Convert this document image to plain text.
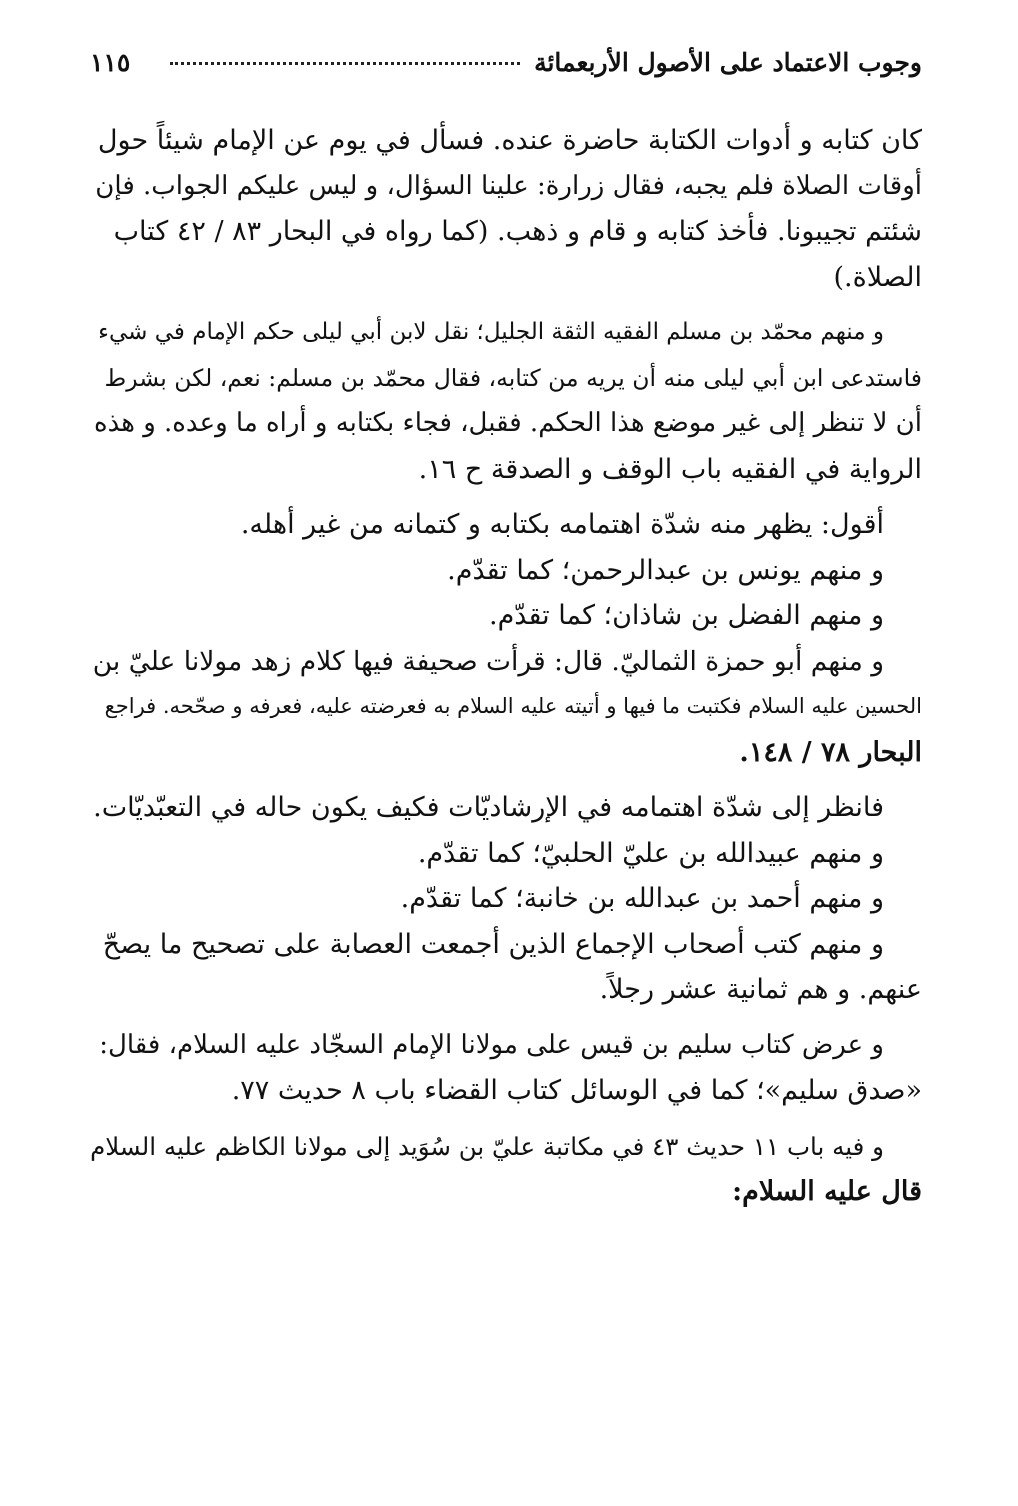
وجوب الاعتماد على الأصول الأربعمائة
١١٥
كان كتابه و أدوات الكتابة حاضرة عنده. فسأل في يوم عن الإمام شيئاً حول
أوقات الصلاة فلم يجبه، فقال زرارة: علينا السؤال، و ليس عليكم الجواب. فإن
شئتم تجيبونا. فأخذ كتابه و قام و ذهب. (كما رواه في البحار ٨٣ / ٤٢ كتاب
الصلاة.)
و منهم محمّد بن مسلم الفقيه الثقة الجليل؛ نقل لابن أبي ليلى حكم الإمام في شيء
فاستدعى ابن أبي ليلى منه أن يريه من كتابه، فقال محمّد بن مسلم: نعم، لكن بشرط
أن لا تنظر إلى غير موضع هذا الحكم. فقبل، فجاء بكتابه و أراه ما وعده. و هذه
الرواية في الفقيه باب الوقف و الصدقة ح ١٦.
أقول: يظهر منه شدّة اهتمامه بكتابه و كتمانه من غير أهله.
و منهم يونس بن عبدالرحمن؛ كما تقدّم.
و منهم الفضل بن شاذان؛ كما تقدّم.
و منهم أبو حمزة الثماليّ. قال: قرأت صحيفة فيها كلام زهد مولانا عليّ بن
الحسين عليه السلام فكتبت ما فيها و أتيته عليه السلام به فعرضته عليه، فعرفه و صحّحه. فراجع
البحار ٧٨ / ١٤٨.
فانظر إلى شدّة اهتمامه في الإرشاديّات فكيف يكون حاله في التعبّديّات.
و منهم عبيدالله بن عليّ الحلبيّ؛ كما تقدّم.
و منهم أحمد بن عبدالله بن خانبة؛ كما تقدّم.
و منهم كتب أصحاب الإجماع الذين أجمعت العصابة على تصحيح ما يصحّ
عنهم. و هم ثمانية عشر رجلاً.
و عرض كتاب سليم بن قيس على مولانا الإمام السجّاد عليه السلام، فقال:
«صدق سليم»؛ كما في الوسائل كتاب القضاء باب ٨ حديث ٧٧.
و فيه باب ١١ حديث ٤٣ في مكاتبة عليّ بن سُوَيد إلى مولانا الكاظم عليه السلام
قال عليه السلام:
